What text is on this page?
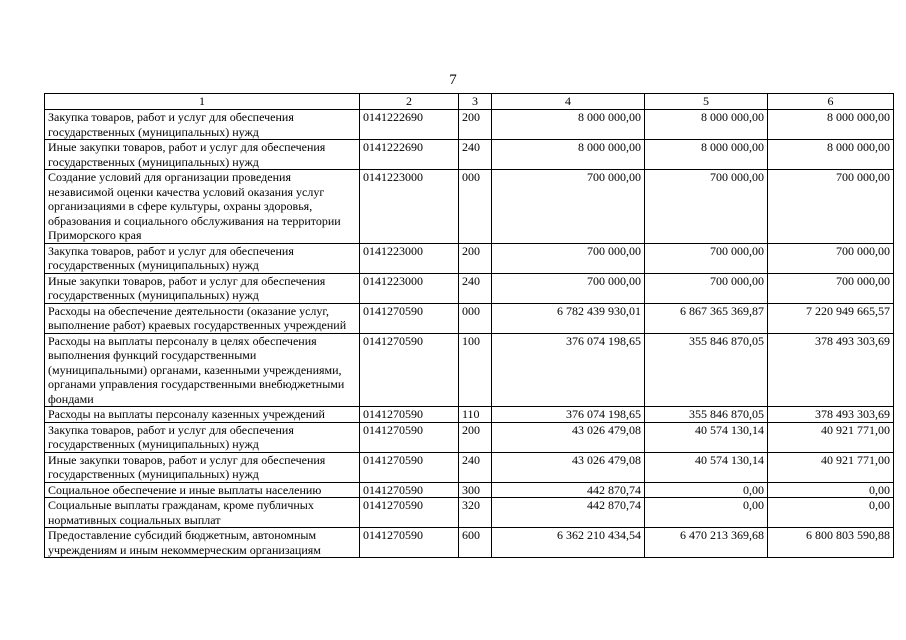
7
1	2	3	4	5	6
Закупка товаров, работ и услуг для обеспечения государственных (муниципальных) нужд	0141222690	200	8 000 000,00	8 000 000,00	8 000 000,00
Иные закупки товаров, работ и услуг для обеспечения государственных (муниципальных) нужд	0141222690	240	8 000 000,00	8 000 000,00	8 000 000,00
Создание условий для организации проведения независимой оценки качества условий оказания услуг организациями в сфере культуры, охраны здоровья, образования и социального обслуживания на территории Приморского края	0141223000	000	700 000,00	700 000,00	700 000,00
Закупка товаров, работ и услуг для обеспечения государственных (муниципальных) нужд	0141223000	200	700 000,00	700 000,00	700 000,00
Иные закупки товаров, работ и услуг для обеспечения государственных (муниципальных) нужд	0141223000	240	700 000,00	700 000,00	700 000,00
Расходы на обеспечение деятельности (оказание услуг, выполнение работ) краевых государственных учреждений	0141270590	000	6 782 439 930,01	6 867 365 369,87	7 220 949 665,57
Расходы на выплаты персоналу в целях обеспечения выполнения функций государственными (муниципальными) органами, казенными учреждениями, органами управления государственными внебюджетными фондами	0141270590	100	376 074 198,65	355 846 870,05	378 493 303,69
Расходы на выплаты персоналу казенных учреждений	0141270590	110	376 074 198,65	355 846 870,05	378 493 303,69
Закупка товаров, работ и услуг для обеспечения государственных (муниципальных) нужд	0141270590	200	43 026 479,08	40 574 130,14	40 921 771,00
Иные закупки товаров, работ и услуг для обеспечения государственных (муниципальных) нужд	0141270590	240	43 026 479,08	40 574 130,14	40 921 771,00
Социальное обеспечение и иные выплаты населению	0141270590	300	442 870,74	0,00	0,00
Социальные выплаты гражданам, кроме публичных нормативных социальных выплат	0141270590	320	442 870,74	0,00	0,00
Предоставление субсидий бюджетным, автономным учреждениям и иным некоммерческим организациям	0141270590	600	6 362 210 434,54	6 470 213 369,68	6 800 803 590,88
